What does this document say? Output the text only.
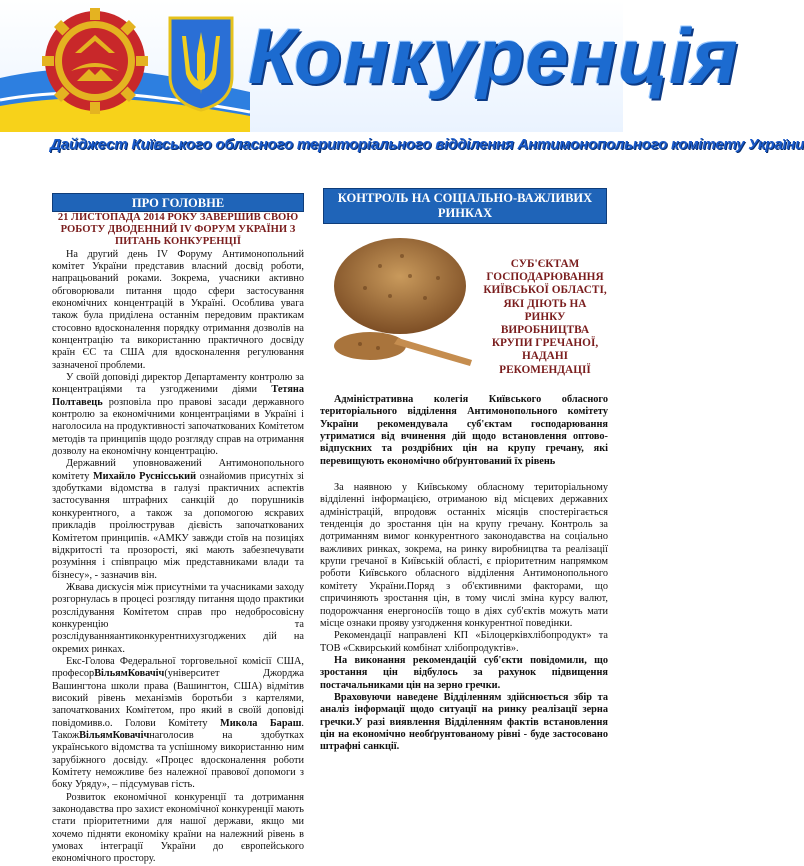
Конкуренція
Дайджест Київського обласного територіального відділення Антимонопольного комітету України
ПРО ГОЛОВНЕ

21 ЛИСТОПАДА 2014 РОКУ ЗАВЕРШИВ СВОЮ РОБОТУ ДВОДЕННИЙ IV ФОРУМ УКРАЇНИ З ПИТАНЬ КОНКУРЕНЦІЇ

На другий день IV Форуму Антимонопольний комітет України представив власний досвід роботи, напрацьований роками. Зокрема, учасники активно обговорювали питання щодо сфери застосування економічних концентрацій в Україні. Особлива увага також була приділена останнім передовим практикам стосовно вдосконалення порядку отримання дозволів на концентрацію та використанню практичного досвіду країн ЄС та США для вдосконалення регулювання зазначеної проблеми.

У своїй доповіді директор Департаменту контролю за концентраціями та узгодженими діями Тетяна Полтавець розповіла про правові засади державного контролю за економічними концентраціями в Україні і наголосила на продуктивності започаткованих Комітетом методів та принципів щодо розгляду справ на отримання дозволу на економічну концентрацію.

Державний уповноважений Антимонопольного комітету Михайло Руснісський ознайомив присутніх зі здобутками відомства в галузі практичних аспектів застосування штрафних санкцій до порушників конкурентного, а також за допомогою яскравих прикладів проілюстрував дієвість започаткованих Комітетом принципів. «АМКУ завжди стоїв на позиціях відкритості та прозорості, які мають забезпечувати розуміння і співпрацю між представниками влади та бізнесу», - зазначив він.

Жвава дискусія між присутніми та учасниками заходу розгорнулась в процесі розгляду питання щодо практики розслідування Комітетом справ про недобросовісну конкуренцію та розслідуванняантиконкурентнихузгоджених дій на окремих ринках.

Екс-Голова Федеральної торговельної комісії США, професорВільямКовачіч(університет Джорджа Вашингтона школи права (Вашингтон, США) відмітив високий рівень механізмів боротьби з картелями, започаткованих Комітетом, про який в своїй доповіді повідомивв.о. Голови Комітету Микола Бараш. ТакожВільямКовачічнаголосив на здобутках українського відомства та успішному використанню ним зарубіжного досвіду. «Процес вдосконалення роботи Комітету неможливе без належної правової допомоги з боку Уряду», – підсумував гість.

Розвиток економічної конкуренції та дотримання законодавства про захист економічної конкуренції мають стати пріоритетними для нашої держави, якщо ми хочемо підняти економіку країни на належний рівень в умовах інтеграції України до європейського економічного простору.

КОНТРОЛЬ НА СОЦІАЛЬНО-ВАЖЛИВИХ РИНКАХ
СУБ'ЄКТАМ ГОСПОДАРЮВАННЯ КИЇВСЬКОЇ ОБЛАСТІ, ЯКІ ДІЮТЬ НА РИНКУ ВИРОБНИЦТВА КРУПИ ГРЕЧАНОЇ, НАДАНІ РЕКОМЕНДАЦІЇ

Адміністративна колегія Київського обласного територіального відділення Антимонопольного комітету України рекомендувала суб'єктам господарювання утриматися від вчинення дій щодо встановлення оптово-відпускних та роздрібних цін на крупу гречану, які перевищують економічно обґрунтований їх рівень

За наявною у Київському обласному територіальному відділенні інформацією, отриманою від місцевих державних адміністрацій, впродовж останніх місяців спостерігається тенденція до зростання цін на крупу гречану. Контроль за дотриманням вимог конкурентного законодавства на соціально важливих ринках, зокрема, на ринку виробництва та реалізації крупи гречаної в Київській області, є пріоритетним напрямком роботи Київського обласного відділення Антимонопольного комітету України.Поряд з об'єктивними факторами, що спричиняють зростання цін, в тому числі зміна курсу валют, подорожчання енергоносіїв тощо в діях суб'єктів можуть мати місце ознаки прояву узгодження конкурентної поведінки.

Рекомендації направлені КП «Білоцерківхлібопродукт» та ТОВ «Сквирський комбінат хлібопродуктів».

На виконання рекомендацій суб'єкти повідомили, що зростання цін відбулось за рахунок підвищення постачальниками цін на зерно гречки.

Враховуючи наведене Відділенням здійснюється збір та аналіз інформації щодо ситуації на ринку реалізації зерна гречки.У разі виявлення Відділенням фактів встановлення цін на економічно необґрунтованому рівні - буде застосовано штрафні санкції.
